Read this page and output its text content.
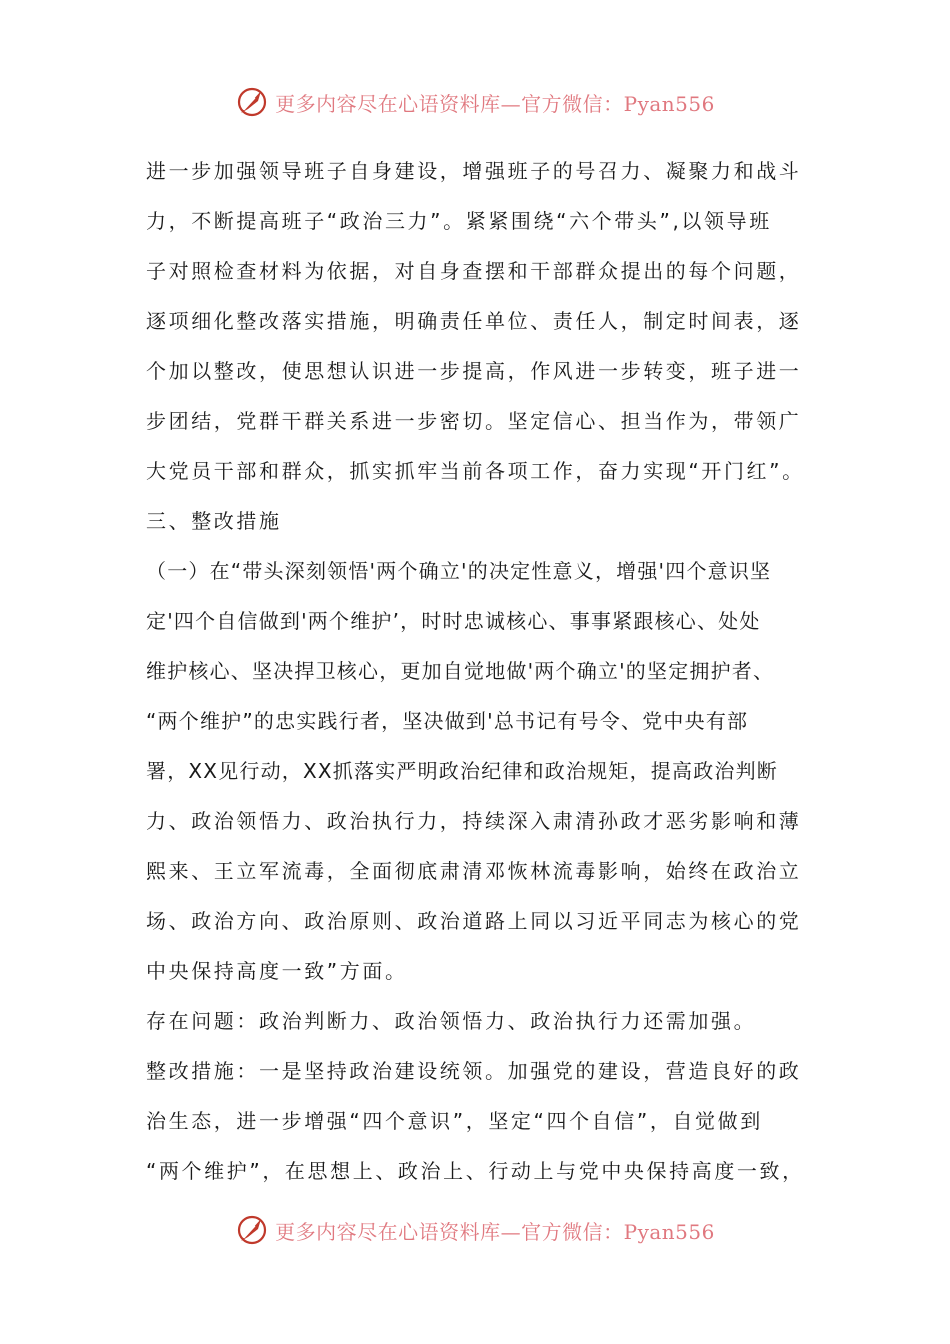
更多内容尽在心语资料库—官方微信：Pyan556
进一步加强领导班子自身建设，增强班子的号召力、凝聚力和战斗
力，不断提高班子“政治三力”。紧紧围绕“六个带头”,以领导班
子对照检查材料为依据，对自身查摆和干部群众提出的每个问题，
逐项细化整改落实措施，明确责任单位、责任人，制定时间表，逐
个加以整改，使思想认识进一步提高，作风进一步转变，班子进一
步团结，党群干群关系进一步密切。坚定信心、担当作为，带领广
大党员干部和群众，抓实抓牢当前各项工作，奋力实现“开门红”。
三、整改措施
（一）在“带头深刻领悟'两个确立'的决定性意义，增强'四个意识坚
定'四个自信做到'两个维护’，时时忠诚核心、事事紧跟核心、处处
维护核心、坚决捍卫核心，更加自觉地做'两个确立'的坚定拥护者、
“两个维护”的忠实践行者，坚决做到'总书记有号令、党中央有部
署，XX见行动，XX抓落实严明政治纪律和政治规矩，提高政治判断
力、政治领悟力、政治执行力，持续深入肃清孙政才恶劣影响和薄
熙来、王立军流毒，全面彻底肃清邓恢林流毒影响，始终在政治立
场、政治方向、政治原则、政治道路上同以习近平同志为核心的党
中央保持高度一致”方面。
存在问题：政治判断力、政治领悟力、政治执行力还需加强。
整改措施：一是坚持政治建设统领。加强党的建设，营造良好的政
治生态，进一步增强“四个意识”，坚定“四个自信”，自觉做到
“两个维护”，在思想上、政治上、行动上与党中央保持高度一致，
更多内容尽在心语资料库—官方微信：Pyan556
